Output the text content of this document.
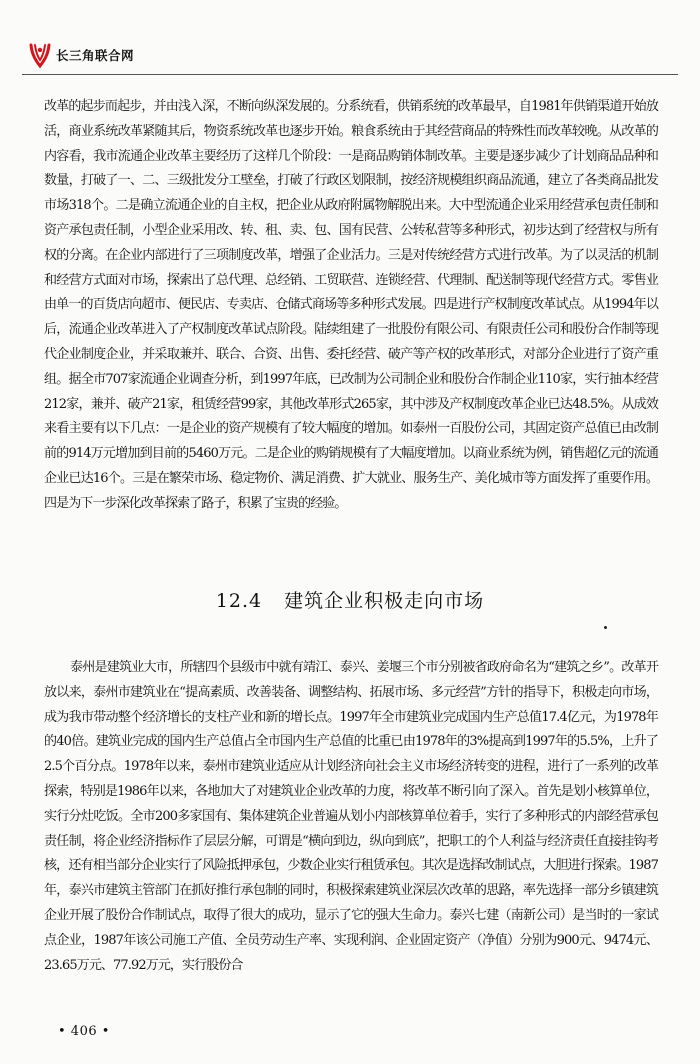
长三角联合网
改革的起步而起步，并由浅入深，不断向纵深发展的。分系统看，供销系统的改革最早，自1981年供销渠道开始放活，商业系统改革紧随其后，物资系统改革也逐步开始。粮食系统由于其经营商品的特殊性而改革较晚。从改革的内容看，我市流通企业改革主要经历了这样几个阶段：一是商品购销体制改革。主要是逐步减少了计划商品品种和数量，打破了一、二、三级批发分工壁垒，打破了行政区划限制，按经济规模组织商品流通，建立了各类商品批发市场318个。二是确立流通企业的自主权，把企业从政府附属物解脱出来。大中型流通企业采用经营承包责任制和资产承包责任制，小型企业采用改、转、租、卖、包、国有民营、公转私营等多种形式，初步达到了经营权与所有权的分离。在企业内部进行了三项制度改革，增强了企业活力。三是对传统经营方式进行改革。为了以灵活的机制和经营方式面对市场，探索出了总代理、总经销、工贸联营、连锁经营、代理制、配送制等现代经营方式。零售业由单一的百货店向超市、便民店、专卖店、仓储式商场等多种形式发展。四是进行产权制度改革试点。从1994年以后，流通企业改革进入了产权制度改革试点阶段。陆续组建了一批股份有限公司、有限责任公司和股份合作制等现代企业制度企业，并采取兼并、联合、合资、出售、委托经营、破产等产权的改革形式，对部分企业进行了资产重组。据全市707家流通企业调查分析，到1997年底，已改制为公司制企业和股份合作制企业110家，实行抽本经营212家，兼并、破产21家，租赁经营99家，其他改革形式265家，其中涉及产权制度改革企业已达48.5%。从成效来看主要有以下几点：一是企业的资产规模有了较大幅度的增加。如泰州一百股份公司，其固定资产总值已由改制前的914万元增加到目前的5460万元。二是企业的购销规模有了大幅度增加。以商业系统为例，销售超亿元的流通企业已达16个。三是在繁荣市场、稳定物价、满足消费、扩大就业、服务生产、美化城市等方面发挥了重要作用。四是为下一步深化改革探索了路子，积累了宝贵的经验。
12.4 建筑企业积极走向市场
泰州是建筑业大市，所辖四个县级市中就有靖江、泰兴、姜堰三个市分别被省政府命名为“建筑之乡”。改革开放以来，泰州市建筑业在“提高素质、改善装备、调整结构、拓展市场、多元经营”方针的指导下，积极走向市场，成为我市带动整个经济增长的支柱产业和新的增长点。1997年全市建筑业完成国内生产总值17.4亿元，为1978年的40倍。建筑业完成的国内生产总值占全市国内生产总值的比重已由1978年的3%提高到1997年的5.5%，上升了2.5个百分点。1978年以来，泰州市建筑业适应从计划经济向社会主义市场经济转变的进程，进行了一系列的改革探索，特别是1986年以来，各地加大了对建筑业企业改革的力度，将改革不断引向了深入。首先是划小核算单位，实行分灶吃饭。全市200多家国有、集体建筑企业普遍从划小内部核算单位着手，实行了多种形式的内部经营承包责任制，将企业经济指标作了层层分解，可谓是“横向到边，纵向到底”，把职工的个人利益与经济责任直接挂钩考核，还有相当部分企业实行了风险抵押承包，少数企业实行租赁承包。其次是选择改制试点，大胆进行探索。1987年，泰兴市建筑主管部门在抓好推行承包制的同时，积极探索建筑业深层次改革的思路，率先选择一部分乡镇建筑企业开展了股份合作制试点，取得了很大的成功，显示了它的强大生命力。泰兴七建（南新公司）是当时的一家试点企业，1987年该公司施工产值、全员劳动生产率、实现利润、企业固定资产（净值）分别为900元、9474元、23.65万元、77.92万元，实行股份合
• 406 •
